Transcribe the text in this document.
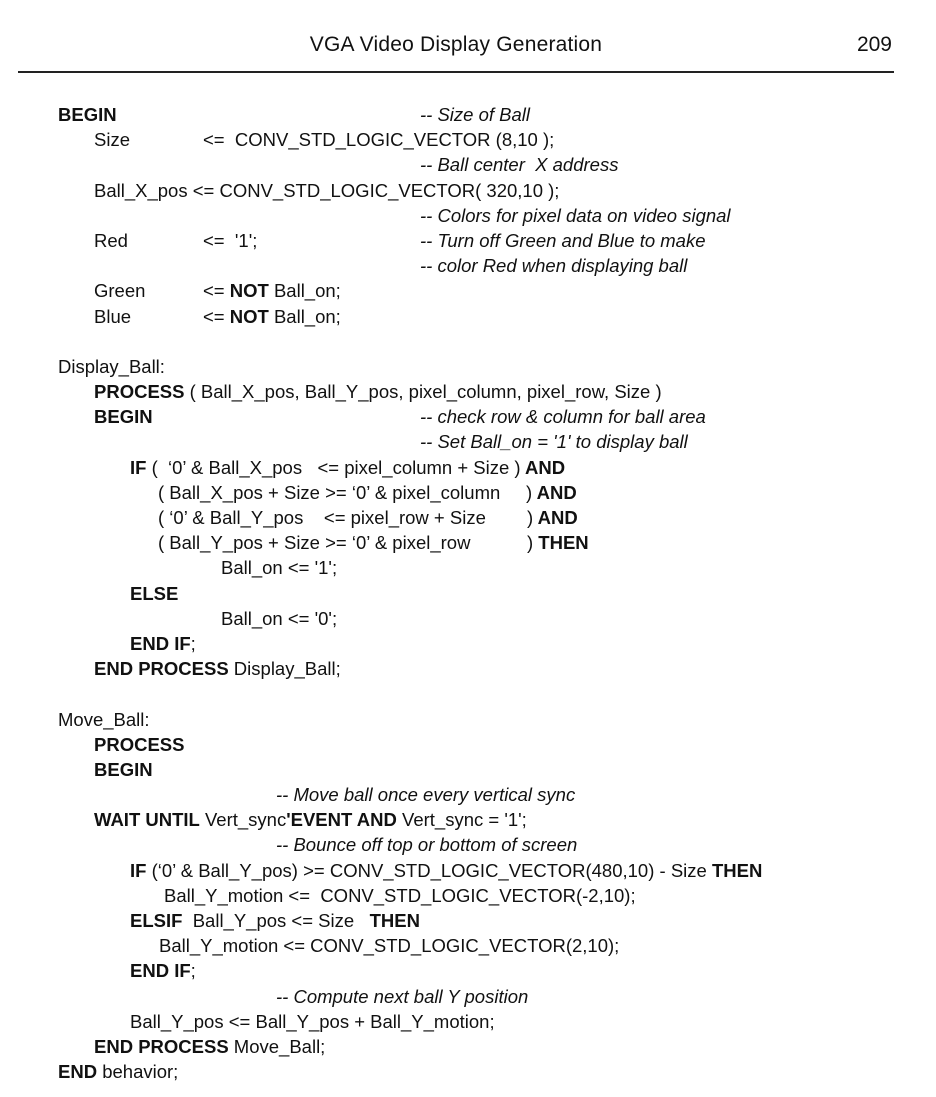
VGA Video Display Generation	209
BEGIN	-- Size of Ball
Size	<=  CONV_STD_LOGIC_VECTOR (8,10 );
-- Ball center  X address
Ball_X_pos <= CONV_STD_LOGIC_VECTOR( 320,10 );
-- Colors for pixel data on video signal
Red	<=  '1';	-- Turn off Green and Blue to make
-- color Red when displaying ball
Green	<= NOT Ball_on;
Blue	<= NOT Ball_on;
Display_Ball:
PROCESS ( Ball_X_pos, Ball_Y_pos, pixel_column, pixel_row, Size )
BEGIN	-- check row & column for ball area
-- Set Ball_on = '1' to display ball
IF (  ‘0’ & Ball_X_pos   <= pixel_column + Size ) AND
( Ball_X_pos + Size >= ‘0’ & pixel_column     ) AND
( ‘0’ & Ball_Y_pos    <= pixel_row + Size        ) AND
( Ball_Y_pos + Size >= ‘0’ & pixel_row           ) THEN
Ball_on <= '1';
ELSE
Ball_on <= '0';
END IF ;
END PROCESS Display_Ball;
Move_Ball:
PROCESS
BEGIN
-- Move ball once every vertical sync
WAIT UNTIL Vert_sync 'EVENT AND Vert_sync = '1';
-- Bounce off top or bottom of screen
IF (‘0’ & Ball_Y_pos) >= CONV_STD_LOGIC_VECTOR(480,10) - Size THEN
Ball_Y_motion <=  CONV_STD_LOGIC_VECTOR(-2,10);
ELSIF Ball_Y_pos <= Size THEN
Ball_Y_motion <= CONV_STD_LOGIC_VECTOR(2,10);
END IF ;
-- Compute next ball Y position
Ball_Y_pos <= Ball_Y_pos + Ball_Y_motion;
END PROCESS Move_Ball;
END behavior;
